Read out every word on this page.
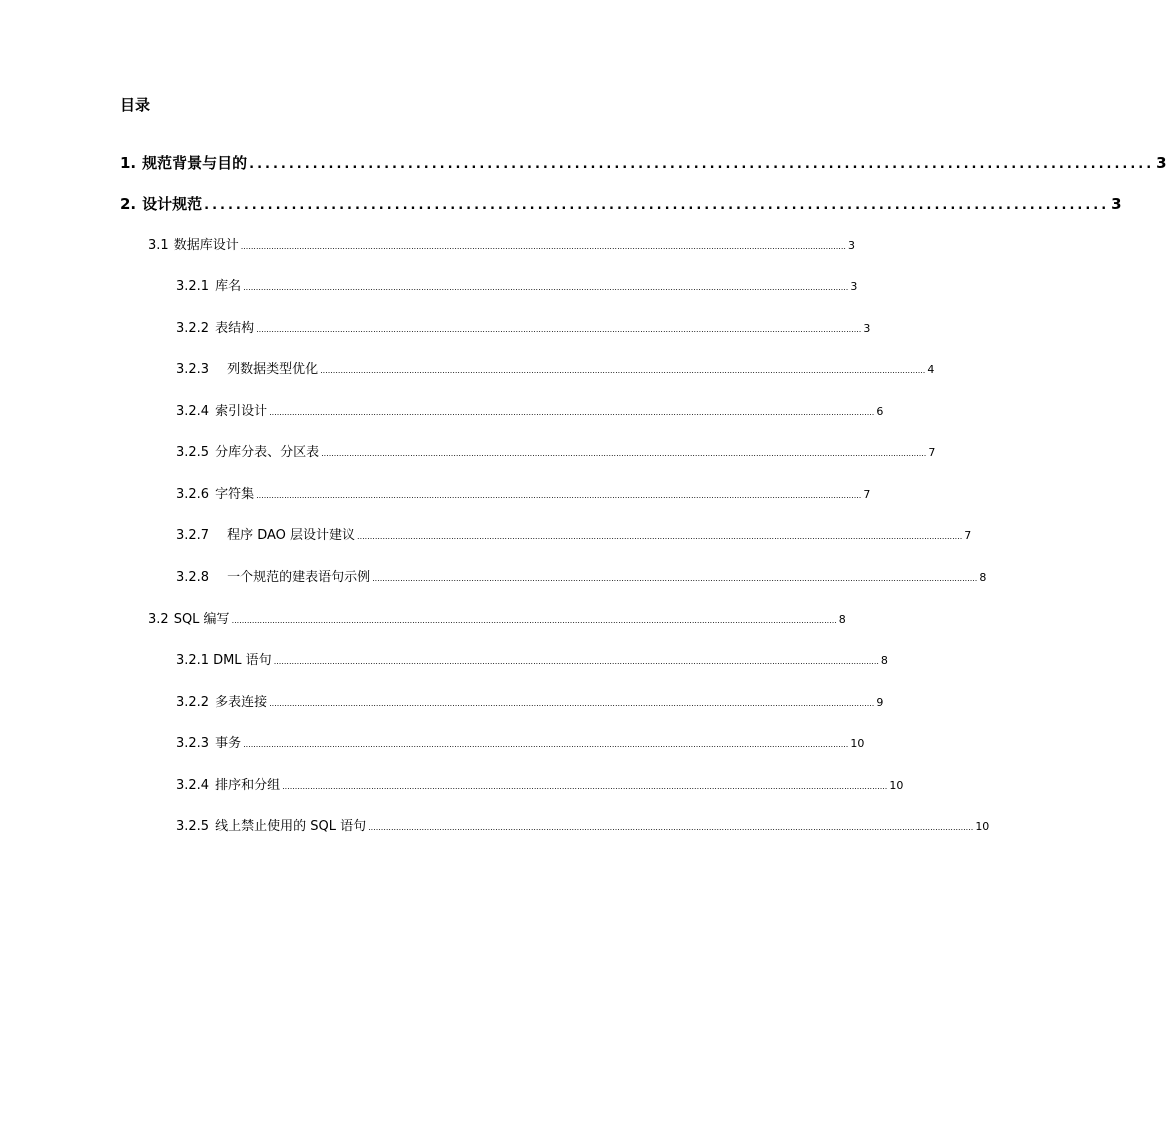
目录
1. 规范背景与目的 .................................................................................................................. 3
2. 设计规范 .................................................................................................................. 3
3.1 数据库设计 .............................................................................................................................................................................................................................................. 3
3.2.1 库名 .............................................................................................................................................................................................................................................. 3
3.2.2 表结构 .............................................................................................................................................................................................................................................. 3
3.2.3 列数据类型优化 .............................................................................................................................................................................................................................................. 4
3.2.4 索引设计 .............................................................................................................................................................................................................................................. 6
3.2.5 分库分表、分区表 .............................................................................................................................................................................................................................................. 7
3.2.6 字符集 .............................................................................................................................................................................................................................................. 7
3.2.7 程序 DAO 层设计建议 .............................................................................................................................................................................................................................................. 7
3.2.8 一个规范的建表语句示例 .............................................................................................................................................................................................................................................. 8
3.2 SQL 编写 .............................................................................................................................................................................................................................................. 8
3.2.1 DML 语句 .............................................................................................................................................................................................................................................. 8
3.2.2 多表连接 .............................................................................................................................................................................................................................................. 9
3.2.3 事务 .............................................................................................................................................................................................................................................. 10
3.2.4 排序和分组 .............................................................................................................................................................................................................................................. 10
3.2.5 线上禁止使用的 SQL 语句 .............................................................................................................................................................................................................................................. 10
